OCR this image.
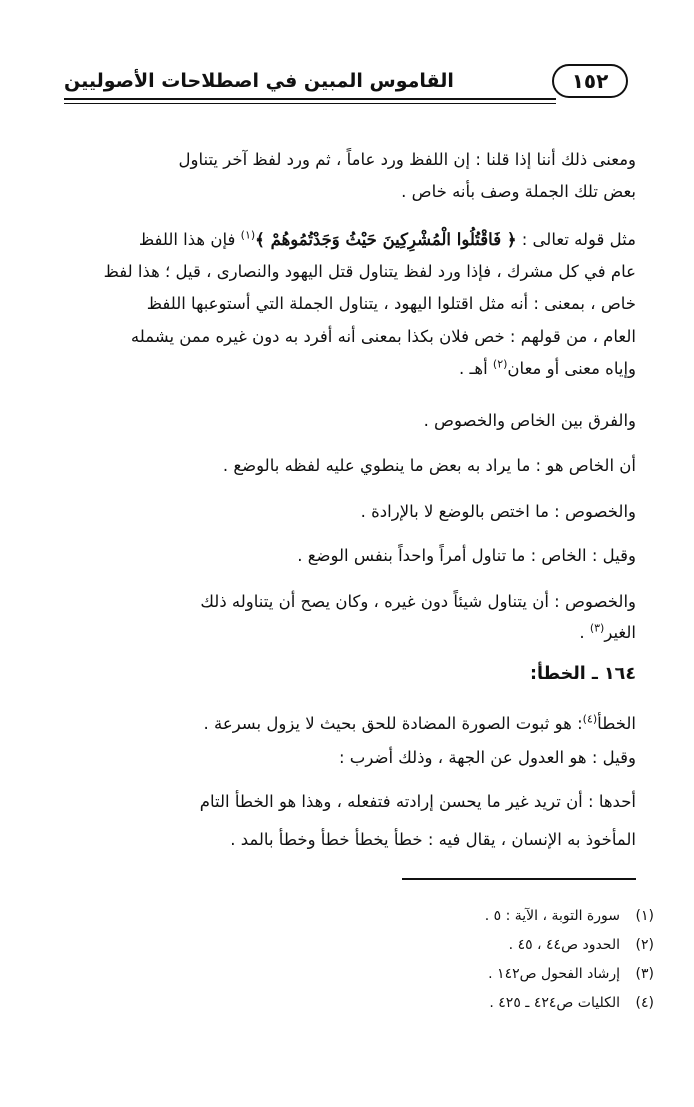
القاموس المبين في اصطلاحات الأصوليين	١٥٢
ومعنى ذلك أننا إذا قلنا : إن اللفظ ورد عاماً ، ثم ورد لفظ آخر يتناول
بعض تلك الجملة وصف بأنه خاص .
مثل قوله تعالى : ﴿ فَاقْتُلُوا الْمُشْرِكِينَ حَيْثُ وَجَدْتُمُوهُمْ ﴾$^{(١)}$ فإن هذا اللفظ
عام في كل مشرك ، فإذا ورد لفظ يتناول قتل اليهود والنصارى ، قيل ؛ هذا لفظ
خاص ، بمعنى : أنه مثل اقتلوا اليهود ، يتناول الجملة التي أستوعبها اللفظ
العام ، من قولهم : خص فلان بكذا بمعنى أنه أفرد به دون غيره ممن يشمله
وإياه معنى أو معان$^{(٢)}$ أهـ .
والفرق بين الخاص والخصوص .
أن الخاص هو : ما يراد به بعض ما ينطوي عليه لفظه بالوضع .
والخصوص : ما اختص بالوضع لا بالإرادة .
وقيل : الخاص : ما تناول أمراً واحداً بنفس الوضع .
والخصوص : أن يتناول شيئاً دون غيره ، وكان يصح أن يتناوله ذلك
الغير$^{(٣)}$ .
١٦٤ ـ الخطأ:
الخطأ$^{(٤)}$: هو ثبوت الصورة المضادة للحق بحيث لا يزول بسرعة .
وقيل : هو العدول عن الجهة ، وذلك أضرب :
أحدها : أن تريد غير ما يحسن إرادته فتفعله ، وهذا هو الخطأ التام
المأخوذ به الإنسان ، يقال فيه : خطأ يخطأ خطأ وخطأ بالمد .
(١)سورة التوبة ، الآية : ٥ .
(٢)الحدود ص٤٤ ، ٤٥ .
(٣)إرشاد الفحول ص١٤٢ .
(٤)الكليات ص٤٢٤ ـ ٤٢٥ .
